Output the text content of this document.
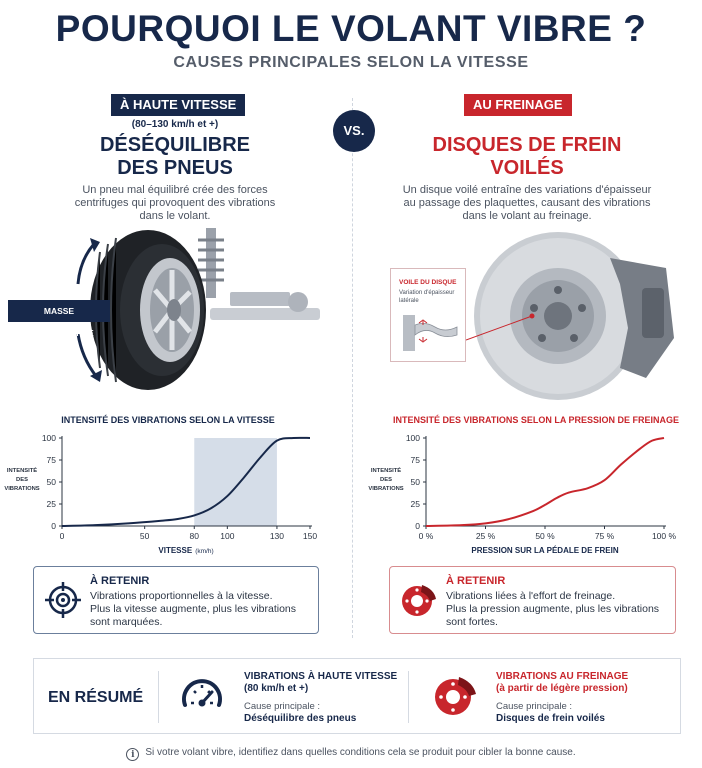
POURQUOI LE VOLANT VIBRE ?
CAUSES PRINCIPALES SELON LA VITESSE
VS.
À HAUTE VITESSE
(80–130 km/h et +)
DÉSÉQUILIBRE
DES PNEUS
Un pneu mal équilibré crée des forces
centrifuges qui provoquent des vibrations
dans le volant.
MASSE DÉSÉQUILIBRÉE
AU FREINAGE
DISQUES DE FREIN
VOILÉS
Un disque voilé entraîne des variations d'épaisseur
au passage des plaquettes, causant des vibrations
dans le volant au freinage.
VOILE DU DISQUE
Variation d'épaisseur latérale
INTENSITÉ DES VIBRATIONS SELON LA VITESSE	INTENSITÉ DES VIBRATIONS SELON LA PRESSION DE FREINAGE
0
25
50
75
100
0	50	80 100	130 150
INTENSITÉ
DES
VIBRATIONS
VITESSE (km/h)
0
25
50
75
100
0 %	25 %	50 %	75 %	100 %
INTENSITÉ
DES
VIBRATIONS
PRESSION SUR LA PÉDALE DE FREIN
À RETENIR
Vibrations proportionnelles à la vitesse.
Plus la vitesse augmente, plus les vibrations
sont marquées.
À RETENIR
Vibrations liées à l'effort de freinage.
Plus la pression augmente, plus les vibrations
sont fortes.
EN RÉSUMÉ
VIBRATIONS À HAUTE VITESSE
(80 km/h et +)
Cause principale :
Déséquilibre des pneus
VIBRATIONS AU FREINAGE
(à partir de légère pression)
Cause principale :
Disques de frein voilés
i Si votre volant vibre, identifiez dans quelles conditions cela se produit pour cibler la bonne cause.
